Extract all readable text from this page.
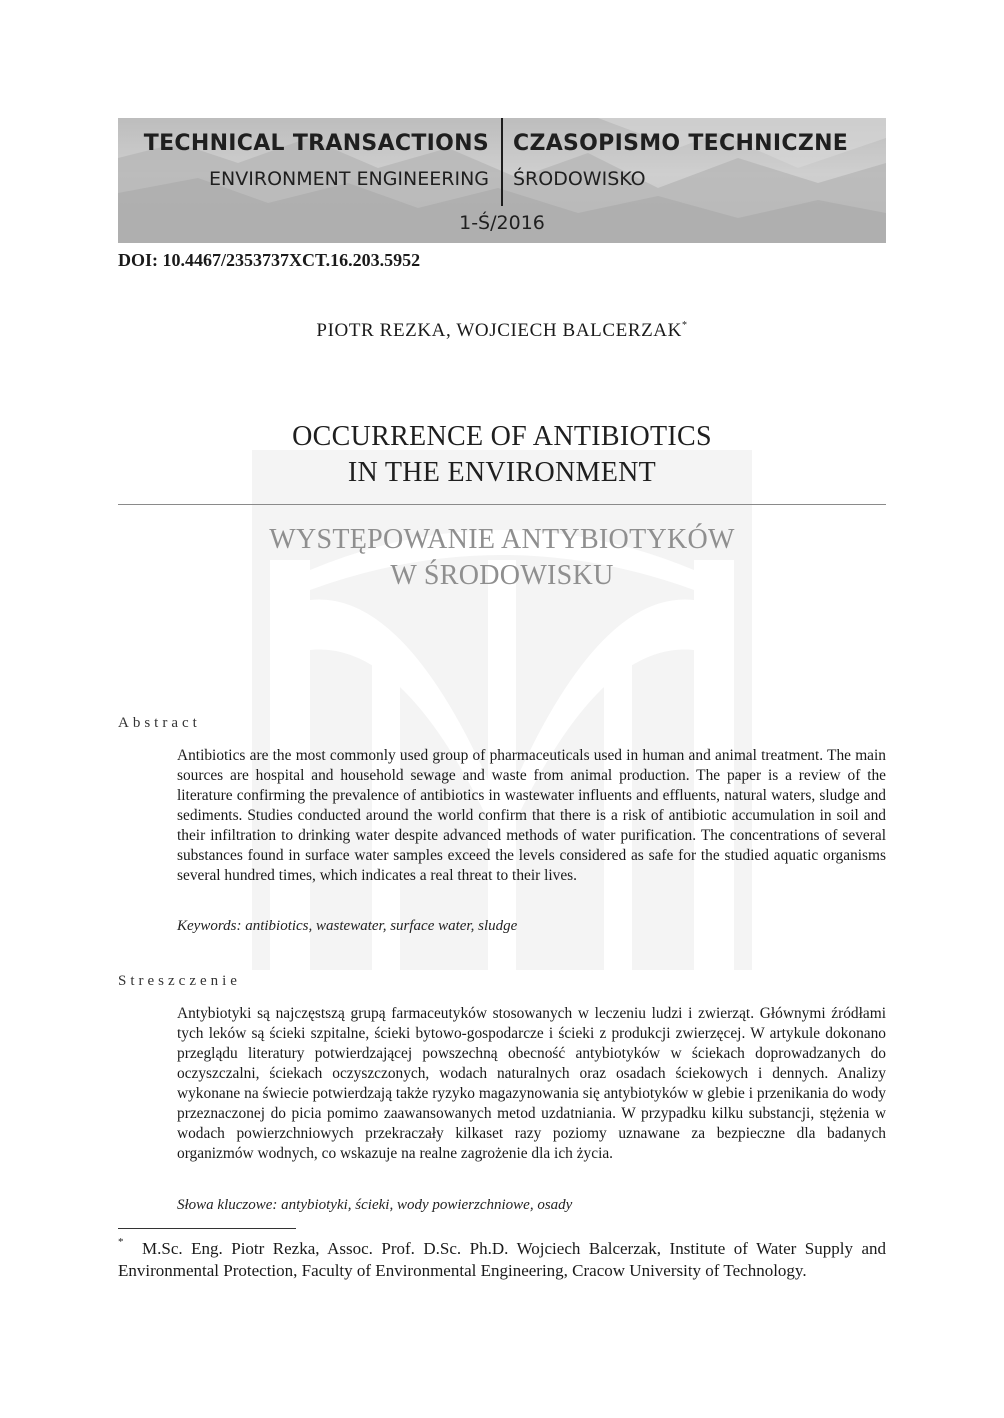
TECHNICAL TRANSACTIONS
ENVIRONMENT ENGINEERING
CZASOPISMO TECHNICZNE
ŚRODOWISKO
1-Ś/2016
DOI: 10.4467/2353737XCT.16.203.5952
PIOTR REZKA, WOJCIECH BALCERZAK*
OCCURRENCE OF ANTIBIOTICS
IN THE ENVIRONMENT
WYSTĘPOWANIE ANTYBIOTYKÓW
W ŚRODOWISKU
Abstract
Antibiotics are the most commonly used group of pharmaceuticals used in human and animal treatment. The main sources are hospital and household sewage and waste from animal production. The paper is a review of the literature confirming the prevalence of antibiotics in wastewater influents and effluents, natural waters, sludge and sediments. Studies conducted around the world confirm that there is a risk of antibiotic accumulation in soil and their infiltration to drinking water despite advanced methods of water purification. The concentrations of several substances found in surface water samples exceed the levels considered as safe for the studied aquatic organisms several hundred times, which indicates a real threat to their lives.
Keywords: antibiotics, wastewater, surface water, sludge
Streszczenie
Antybiotyki są najczęstszą grupą farmaceutyków stosowanych w leczeniu ludzi i zwierząt. Głównymi źródłami tych leków są ścieki szpitalne, ścieki bytowo-gospodarcze i ścieki z produkcji zwierzęcej. W artykule dokonano przeglądu literatury potwierdzającej powszechną obecność antybiotyków w ściekach doprowadzanych do oczyszczalni, ściekach oczyszczonych, wodach naturalnych oraz osadach ściekowych i dennych. Analizy wykonane na świecie potwierdzają także ryzyko magazynowania się antybiotyków w glebie i przenikania do wody przeznaczonej do picia pomimo zaawansowanych metod uzdatniania. W przypadku kilku substancji, stężenia w wodach powierzchniowych przekraczały kilkaset razy poziomy uznawane za bezpieczne dla badanych organizmów wodnych, co wskazuje na realne zagrożenie dla ich życia.
Słowa kluczowe: antybiotyki, ścieki, wody powierzchniowe, osady
*	M.Sc. Eng. Piotr Rezka, Assoc. Prof. D.Sc. Ph.D. Wojciech Balcerzak, Institute of Water Supply and Environmental Protection, Faculty of Environmental Engineering, Cracow University of Technology.
